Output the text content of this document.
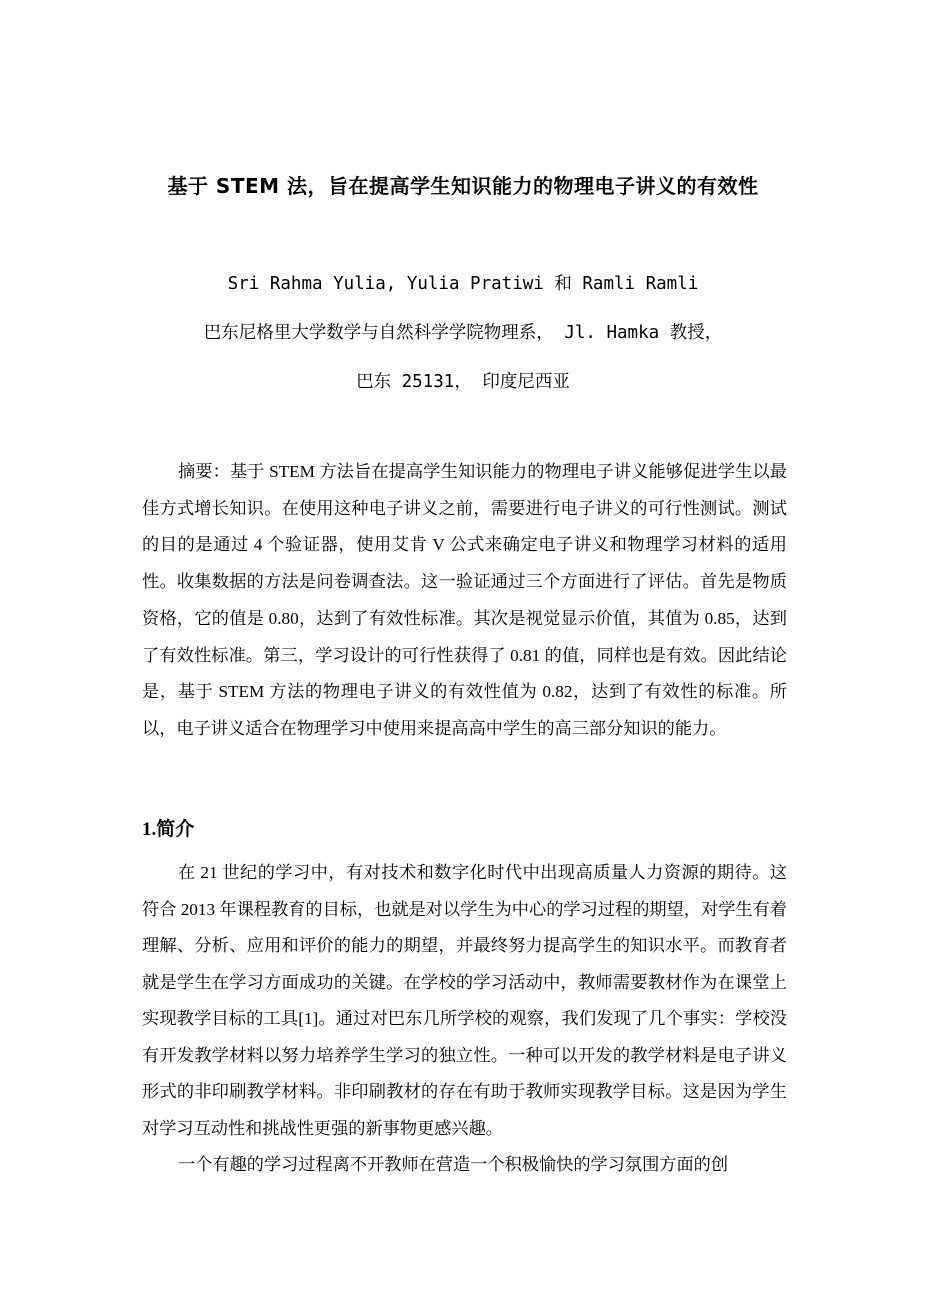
基于 STEM 法，旨在提高学生知识能力的物理电子讲义的有效性
Sri Rahma Yulia, Yulia Pratiwi 和 Ramli Ramli
巴东尼格里大学数学与自然科学学院物理系， Jl. Hamka 教授，
巴东 25131， 印度尼西亚

摘要：基于 STEM 方法旨在提高学生知识能力的物理电子讲义能够促进学生以最佳方式增长知识。在使用这种电子讲义之前，需要进行电子讲义的可行性测试。测试的目的是通过 4 个验证器，使用艾肯 V 公式来确定电子讲义和物理学习材料的适用性。收集数据的方法是问卷调查法。这一验证通过三个方面进行了评估。首先是物质资格，它的值是 0.80，达到了有效性标准。其次是视觉显示价值，其值为 0.85，达到了有效性标准。第三，学习设计的可行性获得了 0.81 的值，同样也是有效。因此结论是，基于 STEM 方法的物理电子讲义的有效性值为 0.82，达到了有效性的标准。所以，电子讲义适合在物理学习中使用来提高高中学生的高三部分知识的能力。

1.简介

在 21 世纪的学习中，有对技术和数字化时代中出现高质量人力资源的期待。这符合 2013 年课程教育的目标，也就是对以学生为中心的学习过程的期望，对学生有着理解、分析、应用和评价的能力的期望，并最终努力提高学生的知识水平。而教育者就是学生在学习方面成功的关键。在学校的学习活动中，教师需要教材作为在课堂上实现教学目标的工具[1]。通过对巴东几所学校的观察，我们发现了几个事实：学校没有开发教学材料以努力培养学生学习的独立性。一种可以开发的教学材料是电子讲义形式的非印刷教学材料。非印刷教材的存在有助于教师实现教学目标。这是因为学生对学习互动性和挑战性更强的新事物更感兴趣。

一个有趣的学习过程离不开教师在营造一个积极愉快的学习氛围方面的创
